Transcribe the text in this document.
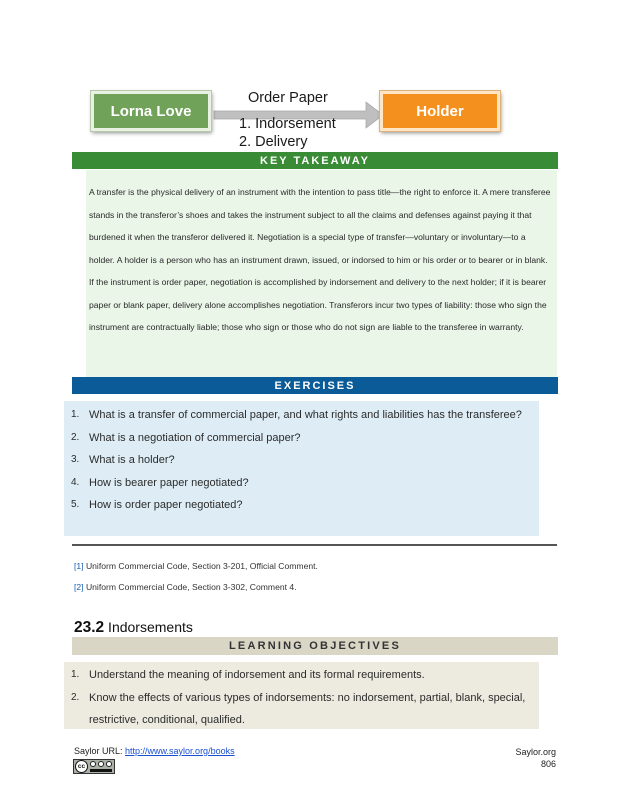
Lorna Love	Holder
Order Paper
1. Indorsement
2. Delivery
KEY TAKEAWAY

A transfer is the physical delivery of an instrument with the intention to pass title—the right to enforce it. A mere transferee stands in the transferor’s shoes and takes the instrument subject to all the claims and defenses against paying it that burdened it when the transferor delivered it. Negotiation is a special type of transfer—voluntary or involuntary—to a holder. A holder is a person who has an instrument drawn, issued, or indorsed to him or his order or to bearer or in blank. If the instrument is order paper, negotiation is accomplished by indorsement and delivery to the next holder; if it is bearer paper or blank paper, delivery alone accomplishes negotiation. Transferors incur two types of liability: those who sign the instrument are contractually liable; those who sign or those who do not sign are liable to the transferee in warranty.

EXERCISES
1. What is a transfer of commercial paper, and what rights and liabilities has the transferee?
2. What is a negotiation of commercial paper?
3. What is a holder?
4. How is bearer paper negotiated?
5. How is order paper negotiated?
[1] Uniform Commercial Code, Section 3-201, Official Comment.
[2] Uniform Commercial Code, Section 3-302, Comment 4.
23.2 Indorsements
LEARNING OBJECTIVES
1. Understand the meaning of indorsement and its formal requirements.
2. Know the effects of various types of indorsements: no indorsement, partial, blank, special, restrictive, conditional, qualified.
Saylor URL: http://www.saylor.org/books	Saylor.org
806
cc
